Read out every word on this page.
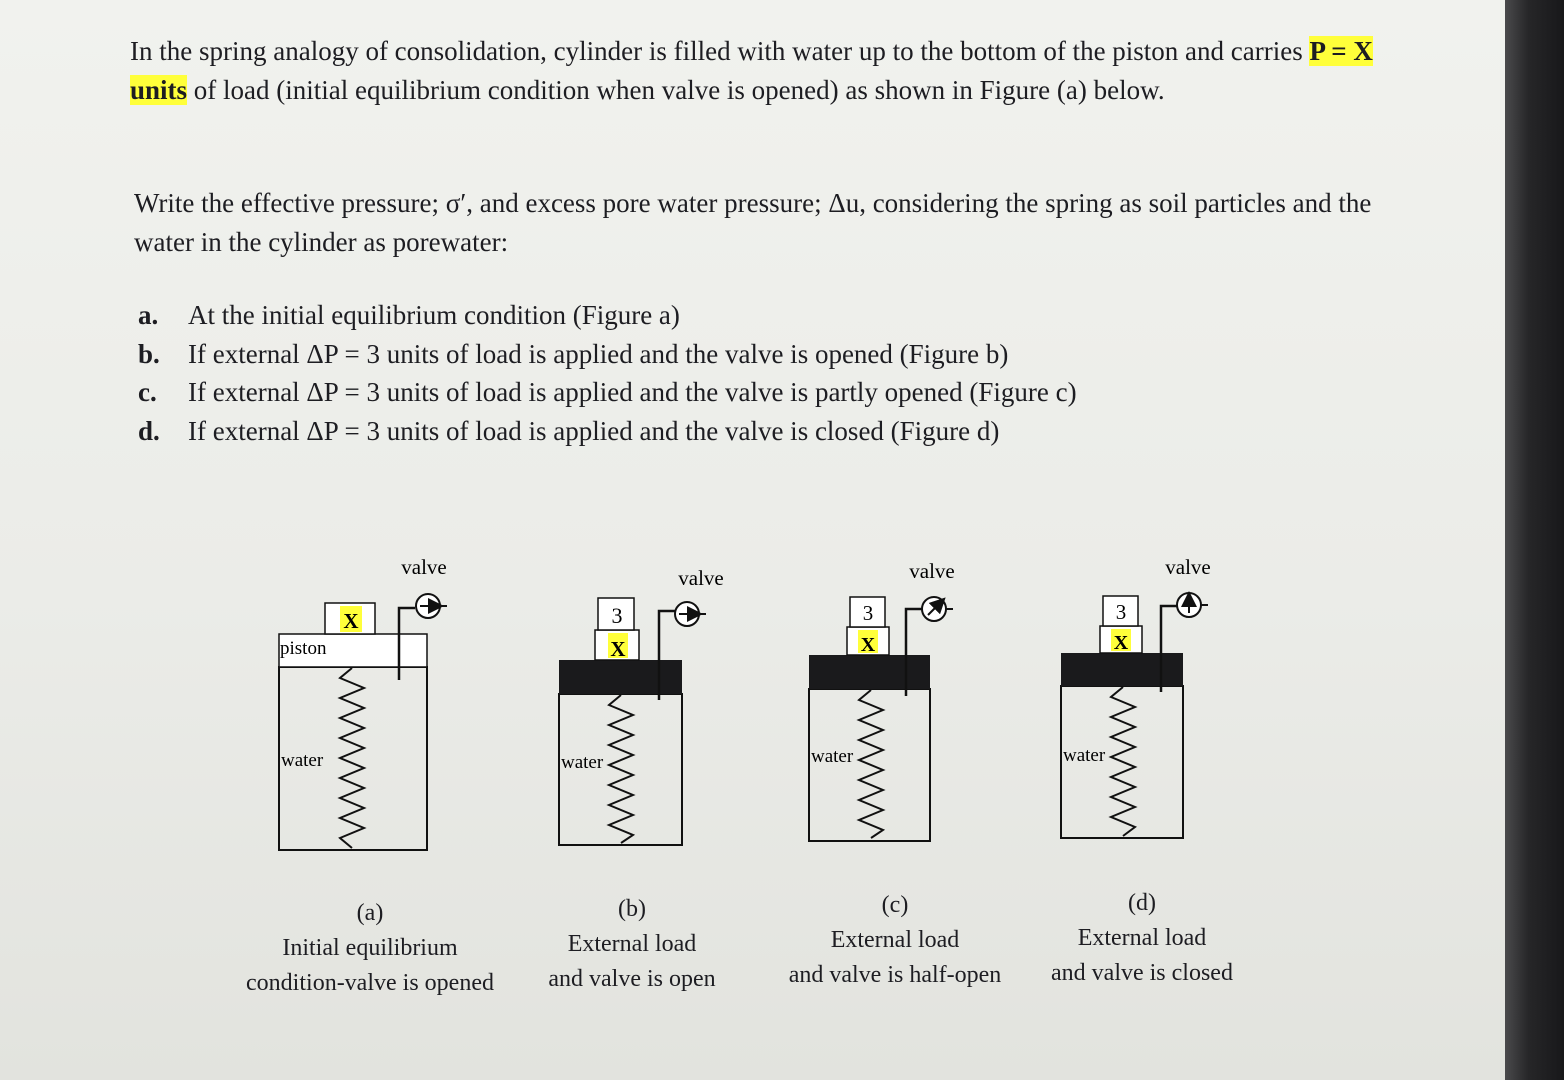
In the spring analogy of consolidation, cylinder is filled with water up to the bottom of the piston and carries P = X units of load (initial equilibrium condition when valve is opened) as shown in Figure (a) below.

Write the effective pressure; σ′, and excess pore water pressure; Δu, considering the spring as soil particles and the water in the cylinder as porewater:

a. At the initial equilibrium condition (Figure a)
b. If external ΔP = 3 units of load is applied and the valve is opened (Figure b)
c. If external ΔP = 3 units of load is applied and the valve is partly opened (Figure c)
d. If external ΔP = 3 units of load is applied and the valve is closed (Figure d)
piston
X
water
valve
X
3
water
valve
X
3
water
valve
X
3
water
valve
(a)
Initial equilibrium
condition-valve is opened
(b)
External load
and valve is open
(c)
External load
and valve is half-open
(d)
External load
and valve is closed
